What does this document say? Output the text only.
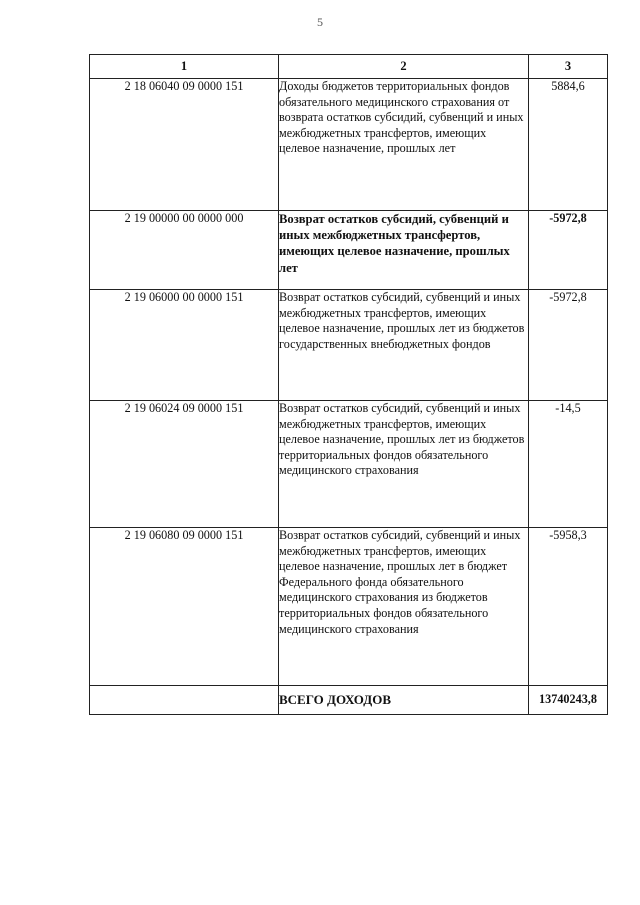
5
1	2	3
2 18 06040 09 0000 151	Доходы бюджетов территориальных фондов обязательного медицинского страхования от возврата остатков субсидий, субвенций и иных межбюджетных трансфертов, имеющих целевое назначение, прошлых лет	5884,6
2 19 00000 00 0000 000	Возврат остатков субсидий, субвенций и иных межбюджетных трансфертов, имеющих целевое назначение, прошлых лет	-5972,8
2 19 06000 00 0000 151	Возврат остатков субсидий, субвенций и иных межбюджетных трансфертов, имеющих целевое назначение, прошлых лет из бюджетов государственных внебюджетных фондов	-5972,8
2 19 06024 09 0000 151	Возврат остатков субсидий, субвенций и иных межбюджетных трансфертов, имеющих целевое назначение, прошлых лет из бюджетов территориальных фондов обязательного медицинского страхования	-14,5
2 19 06080 09 0000 151	Возврат остатков субсидий, субвенций и иных межбюджетных трансфертов, имеющих целевое назначение, прошлых лет в бюджет Федерального фонда обязательного медицинского страхования из бюджетов территориальных фондов обязательного медицинского страхования	-5958,3
	ВСЕГО ДОХОДОВ	13740243,8
